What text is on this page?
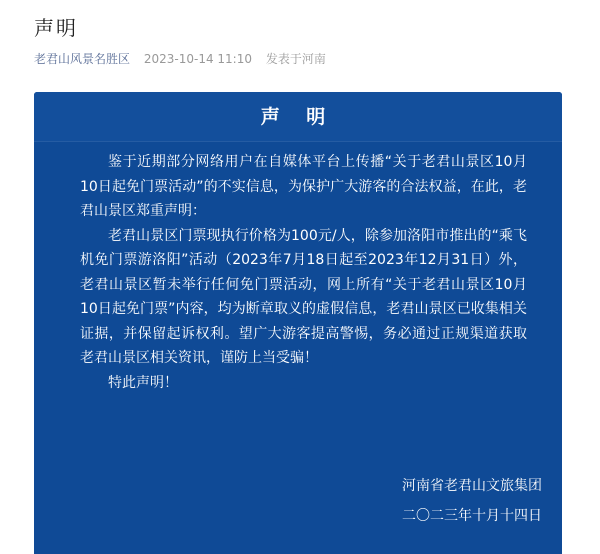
声明
老君山风景名胜区 2023-10-14 11:10 发表于河南
声 明

鉴于近期部分网络用户在自媒体平台上传播“关于老君山景区10月10日起免门票活动”的不实信息，为保护广大游客的合法权益，在此，老君山景区郑重声明：

老君山景区门票现执行价格为100元/人，除参加洛阳市推出的“乘飞机免门票游洛阳”活动（2023年7月18日起至2023年12月31日）外，老君山景区暂未举行任何免门票活动，网上所有“关于老君山景区10月10日起免门票”内容，均为断章取义的虚假信息，老君山景区已收集相关证据，并保留起诉权利。望广大游客提高警惕，务必通过正规渠道获取老君山景区相关资讯，谨防上当受骗！

特此声明！

河南省老君山文旅集团
二〇二三年十月十四日
